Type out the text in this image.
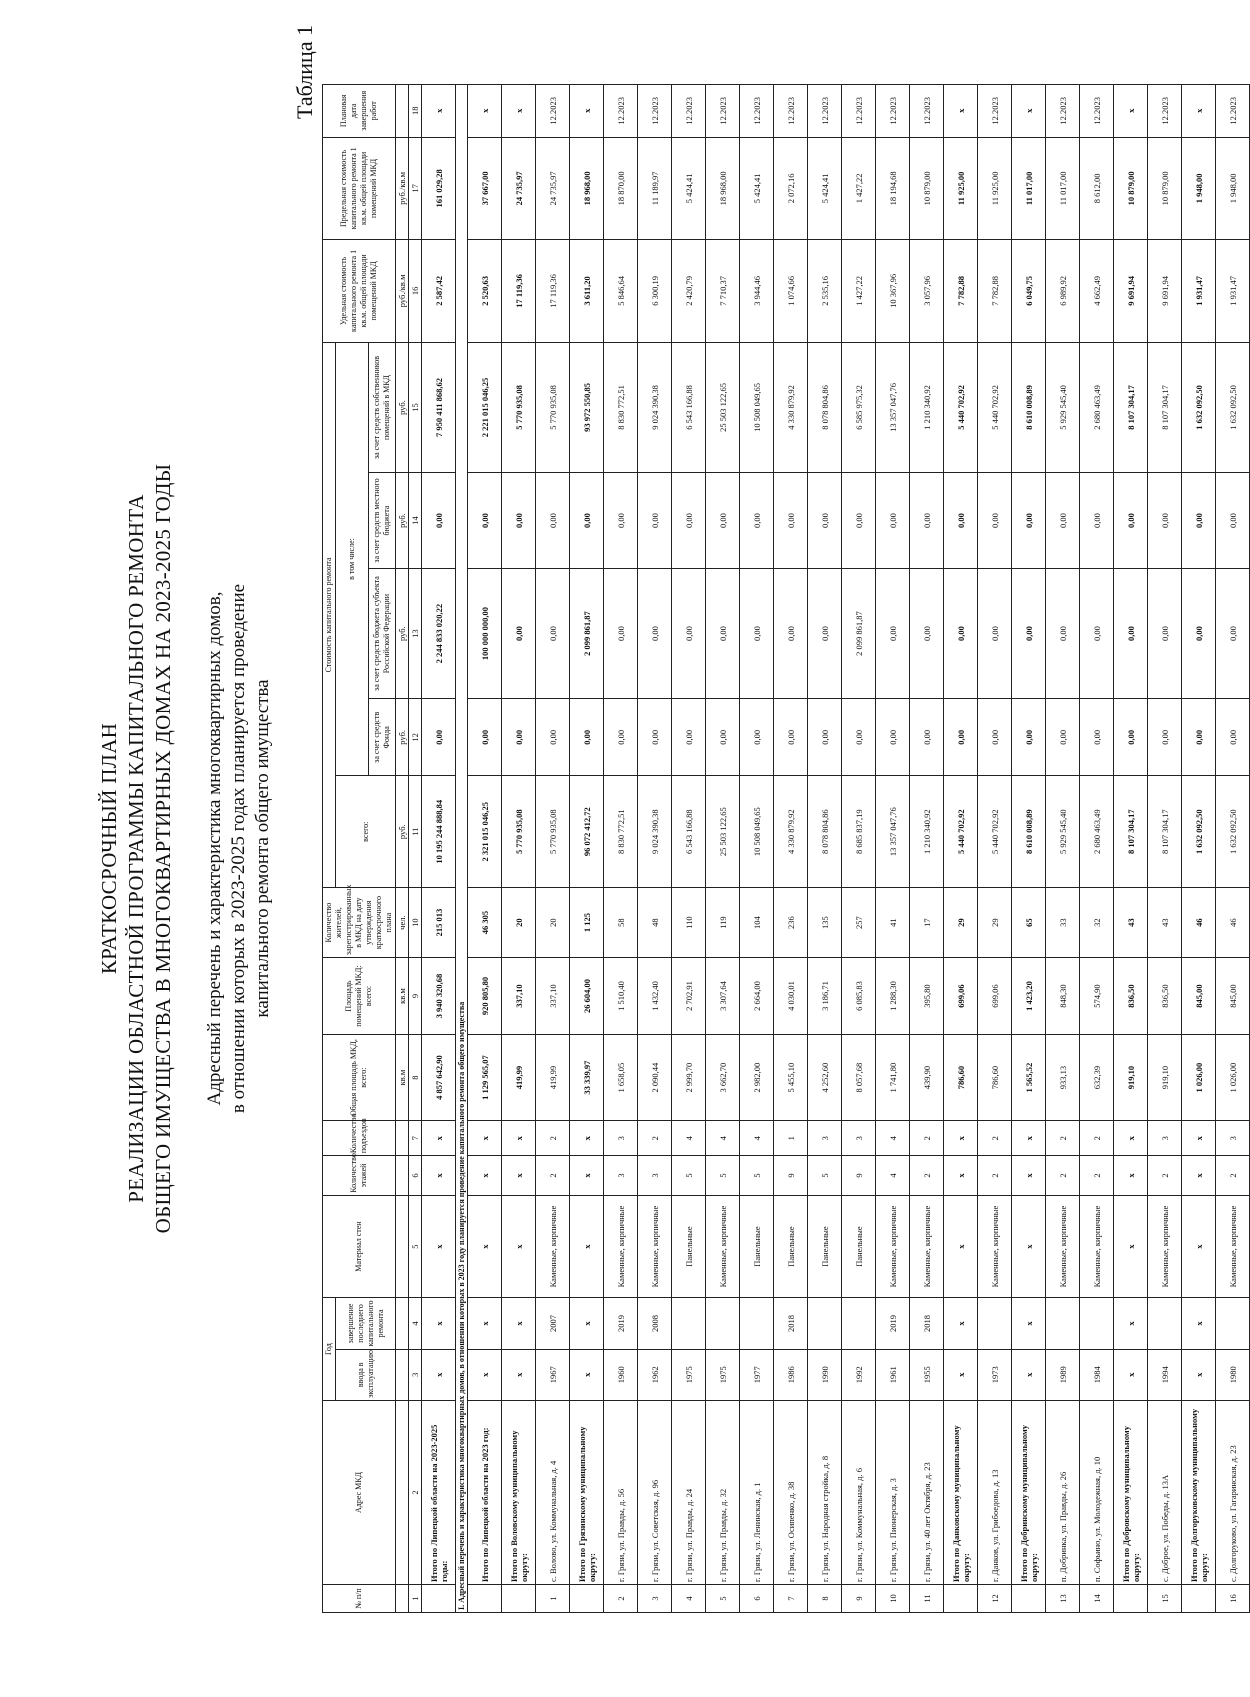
КРАТКОСРОЧНЫЙ ПЛАН РЕАЛИЗАЦИИ ОБЛАСТНОЙ ПРОГРАММЫ КАПИТАЛЬНОГО РЕМОНТА ОБЩЕГО ИМУЩЕСТВА В МНОГОКВАРТИРНЫХ ДОМАХ НА 2023-2025 ГОДЫ Адресный перечень и характеристика многоквартирных домов, в отношении которых в 2023-2025 годах планируется проведение капитального ремонта общего имущества
Таблица 1
№ п/п	Адрес МКД	Год		Материал стен	Количество этажей	Количество подъездов	Общая площадь МКД, всего:	Площадь помещений МКД: всего:	Количество жителей, зарегистрированных в МКД на дату утверждения краткосрочного плана	Стоимость капитального ремонта					Удельная стоимость капитального ремонта 1 кв.м. общей площади помещений МКД	Предельная стоимость капитального ремонта 1 кв.м. общей площади помещений МКД	Плановая дата завершения работ
		ввода в эксплуатацию	завершение последнего капитального ремонта							всего:	в том числе:						
											за счет средств Фонда	за счет средств бюджета субъекта Российской Федерации	за счет средств местного бюджета	за счет средств собственников помещений в МКД			
							кв.м	кв.м	чел.	руб.	руб.	руб.	руб.	руб.	руб./кв.м	руб./кв.м	
1	2	3	4	5	6	7	8	9	10	11	12	13	14	15	16	17	18
	Итого по Липецкой области на 2023-2025 годы:	х	х	х	х	х	4 857 642,90	3 940 320,68	215 013	10 195 244 888,84	0,00	2 244 833 020,22	0,00	7 950 411 868,62	2 587,42	161 029,28	х
I. Адресный перечень и характеристика многоквартирных домов, в отношении которых в 2023 году планируется проведение капитального ремонта общего имущества																	
	Итого по Липецкой области на 2023 год:	х	х	х	х	х	1 129 565,07	920 805,80	46 305	2 321 015 046,25	0,00	100 000 000,00	0,00	2 221 015 046,25	2 520,63	37 667,00	х
	Итого по Воловскому муниципальному округу:	х	х	х	х	х	419,99	337,10	20	5 770 935,08	0,00	0,00	0,00	5 770 935,08	17 119,36	24 735,97	х
1	с. Волово, ул. Коммунальная, д. 4	1967	2007	Каменные, кирпичные	2	2	419,99	337,10	20	5 770 935,08	0,00	0,00	0,00	5 770 935,08	17 119,36	24 735,97	12.2023
	Итого по Грязинскому муниципальному округу:	х	х	х	х	х	33 339,97	26 604,00	1 125	96 072 412,72	0,00	2 099 861,87	0,00	93 972 550,85	3 611,20	18 968,00	х
2	г. Грязи, ул. Правды, д. 56	1960	2019	Каменные, кирпичные	3	3	1 658,05	1 510,40	58	8 830 772,51	0,00	0,00	0,00	8 830 772,51	5 846,64	18 870,00	12.2023
3	г. Грязи, ул. Советская, д. 96	1962	2008	Каменные, кирпичные	3	2	2 090,44	1 432,40	48	9 024 390,38	0,00	0,00	0,00	9 024 390,38	6 300,19	11 189,97	12.2023
4	г. Грязи, ул. Правды, д. 24	1975		Панельные	5	4	2 999,70	2 702,91	110	6 543 166,88	0,00	0,00	0,00	6 543 166,88	2 420,79	5 424,41	12.2023
5	г. Грязи, ул. Правды, д. 32	1975		Каменные, кирпичные	5	4	3 662,70	3 307,64	119	25 503 122,65	0,00	0,00	0,00	25 503 122,65	7 710,37	18 968,00	12.2023
6	г. Грязи, ул. Ленинская, д. 1	1977		Панельные	5	4	2 982,00	2 664,00	104	10 508 049,65	0,00	0,00	0,00	10 508 049,65	3 944,46	5 424,41	12.2023
7	г. Грязи, ул. Осипенко, д. 38	1986	2018	Панельные	9	1	5 455,10	4 030,01	236	4 330 879,92	0,00	0,00	0,00	4 330 879,92	1 074,66	2 072,16	12.2023
8	г. Грязи, ул. Народная стройка, д. 8	1990		Панельные	5	3	4 252,60	3 186,71	135	8 078 804,86	0,00	0,00	0,00	8 078 804,86	2 535,16	5 424,41	12.2023
9	г. Грязи, ул. Коммунальная, д. 6	1992		Панельные	9	3	8 057,68	6 085,83	257	8 685 837,19	0,00	2 099 861,87	0,00	6 585 975,32	1 427,22	1 427,22	12.2023
10	г. Грязи, ул. Пионерская, д. 3	1961	2019	Каменные, кирпичные	4	4	1 741,80	1 288,30	41	13 357 047,76	0,00	0,00	0,00	13 357 047,76	10 367,96	18 194,68	12.2023
11	г. Грязи, ул. 40 лет Октября, д. 23	1955	2018	Каменные, кирпичные	2	2	439,90	395,80	17	1 210 340,92	0,00	0,00	0,00	1 210 340,92	3 057,96	10 879,00	12.2023
	Итого по Данковскому муниципальному округу:	х	х	х	х	х	786,60	699,06	29	5 440 702,92	0,00	0,00	0,00	5 440 702,92	7 782,88	11 925,00	х
12	г. Данков, ул. Грибоедова, д. 13	1973		Каменные, кирпичные	2	2	786,60	699,06	29	5 440 702,92	0,00	0,00	0,00	5 440 702,92	7 782,88	11 925,00	12.2023
	Итого по Добринскому муниципальному округу:	х	х	х	х	х	1 565,52	1 423,20	65	8 610 008,89	0,00	0,00	0,00	8 610 008,89	6 049,75	11 017,00	х
13	п. Добринка, ул. Правды, д. 26	1989		Каменные, кирпичные	2	2	933,13	848,30	33	5 929 545,40	0,00	0,00	0,00	5 929 545,40	6 989,92	11 017,00	12.2023
14	п. Софьино, ул. Молодежная, д. 10	1984		Каменные, кирпичные	2	2	632,39	574,90	32	2 680 463,49	0,00	0,00	0,00	2 680 463,49	4 662,49	8 612,00	12.2023
	Итого по Добровскому муниципальному округу:	х	х	х	х	х	919,10	836,50	43	8 107 304,17	0,00	0,00	0,00	8 107 304,17	9 691,94	10 879,00	х
15	с. Доброе, ул. Победы, д. 13А	1994		Каменные, кирпичные	2	3	919,10	836,50	43	8 107 304,17	0,00	0,00	0,00	8 107 304,17	9 691,94	10 879,00	12.2023
	Итого по Долгоруковскому муниципальному округу:	х	х	х	х	х	1 026,00	845,00	46	1 632 092,50	0,00	0,00	0,00	1 632 092,50	1 931,47	1 948,00	х
16	с. Долгоруково, ул. Гагаринская, д. 23	1980		Каменные, кирпичные	2	3	1 026,00	845,00	46	1 632 092,50	0,00	0,00	0,00	1 632 092,50	1 931,47	1 948,00	12.2023
